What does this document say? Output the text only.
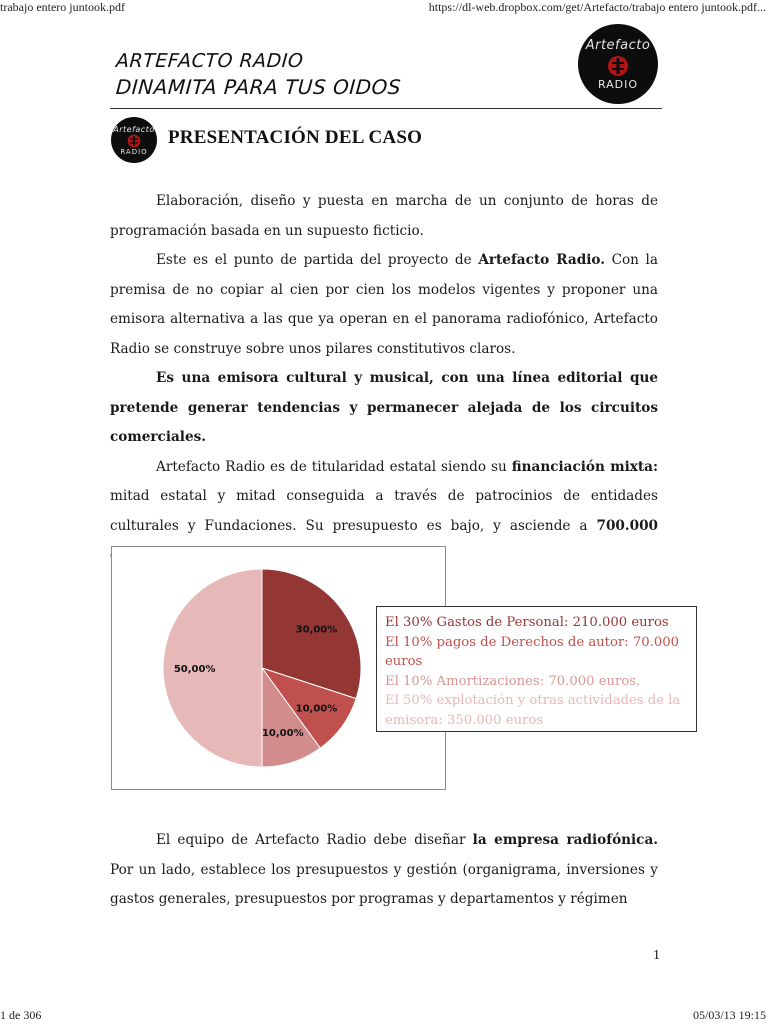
trabajo entero juntook.pdf	https://dl-web.dropbox.com/get/Artefacto/trabajo entero juntook.pdf...
ARTEFACTO RADIO
DINAMITA PARA TUS OIDOS
Artefacto
RADIO
Artefacto
RADIO
PRESENTACIÓN DEL CASO

Elaboración, diseño y puesta en marcha de un conjunto de horas de programación basada en un supuesto ficticio.

Este es el punto de partida del proyecto de Artefacto Radio. Con la premisa de no copiar al cien por cien los modelos vigentes y proponer una emisora alternativa a las que ya operan en el panorama radiofónico, Artefacto Radio se construye sobre unos pilares constitutivos claros.

Es una emisora cultural y musical, con una línea editorial que pretende generar tendencias y permanecer alejada de los circuitos comerciales.

Artefacto Radio es de titularidad estatal siendo su financiación mixta: mitad estatal y mitad conseguida a través de patrocinios de entidades culturales y Fundaciones. Su presupuesto es bajo, y asciende a 700.000

30,00%
10,00%
10,00%
50,00%
El 30% Gastos de Personal: 210.000 euros
El 10% pagos de Derechos de autor: 70.000 euros
El 10% Amortizaciones: 70.000 euros.
El 50% explotación y otras actividades de la emisora: 350.000 euros

El equipo de Artefacto Radio debe diseñar la empresa radiofónica. Por un lado, establece los presupuestos y gestión (organigrama, inversiones y gastos generales, presupuestos por programas y departamentos y régimen

1
1 de 306	05/03/13 19:15
